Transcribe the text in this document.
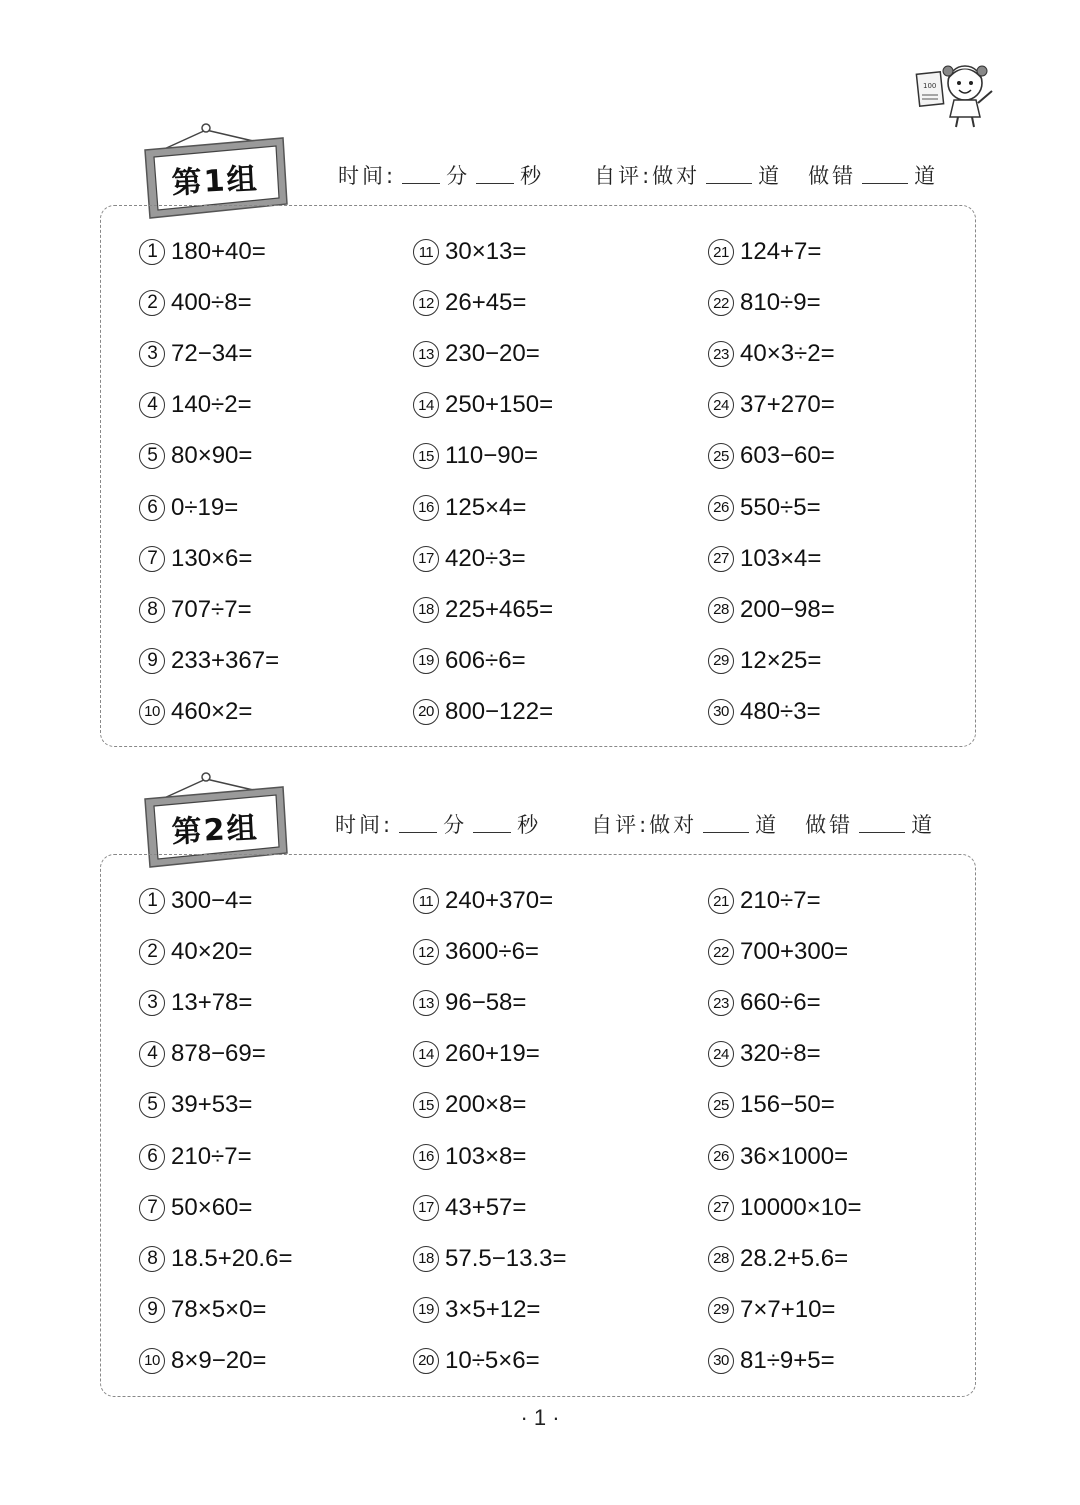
100
第1组	时间: 分 秒 自评:做对	道 做错	道
1 180+40=
2 400÷8=
3 72−34=
4 140÷2=
5 80×90=
6 0÷19=
7 130×6=
8 707÷7=
9 233+367=
10 460×2=
11 30×13=
12 26+45=
13 230−20=
14 250+150=
15 110−90=
16 125×4=
17 420÷3=
18 225+465=
19 606÷6=
20 800−122=
21 124+7=
22 810÷9=
23 40×3÷2=
24 37+270=
25 603−60=
26 550÷5=
27 103×4=
28 200−98=
29 12×25=
30 480÷3=
第2组	时间: 分 秒 自评:做对	道 做错	道
1 300−4=
2 40×20=
3 13+78=
4 878−69=
5 39+53=
6 210÷7=
7 50×60=
8 18.5+20.6=
9 78×5×0=
10 8×9−20=
11 240+370=
12 3600÷6=
13 96−58=
14 260+19=
15 200×8=
16 103×8=
17 43+57=
18 57.5−13.3=
19 3×5+12=
20 10÷5×6=
21 210÷7=
22 700+300=
23 660÷6=
24 320÷8=
25 156−50=
26 36×1000=
27 10000×10=
28 28.2+5.6=
29 7×7+10=
30 81÷9+5=
· 1 ·
